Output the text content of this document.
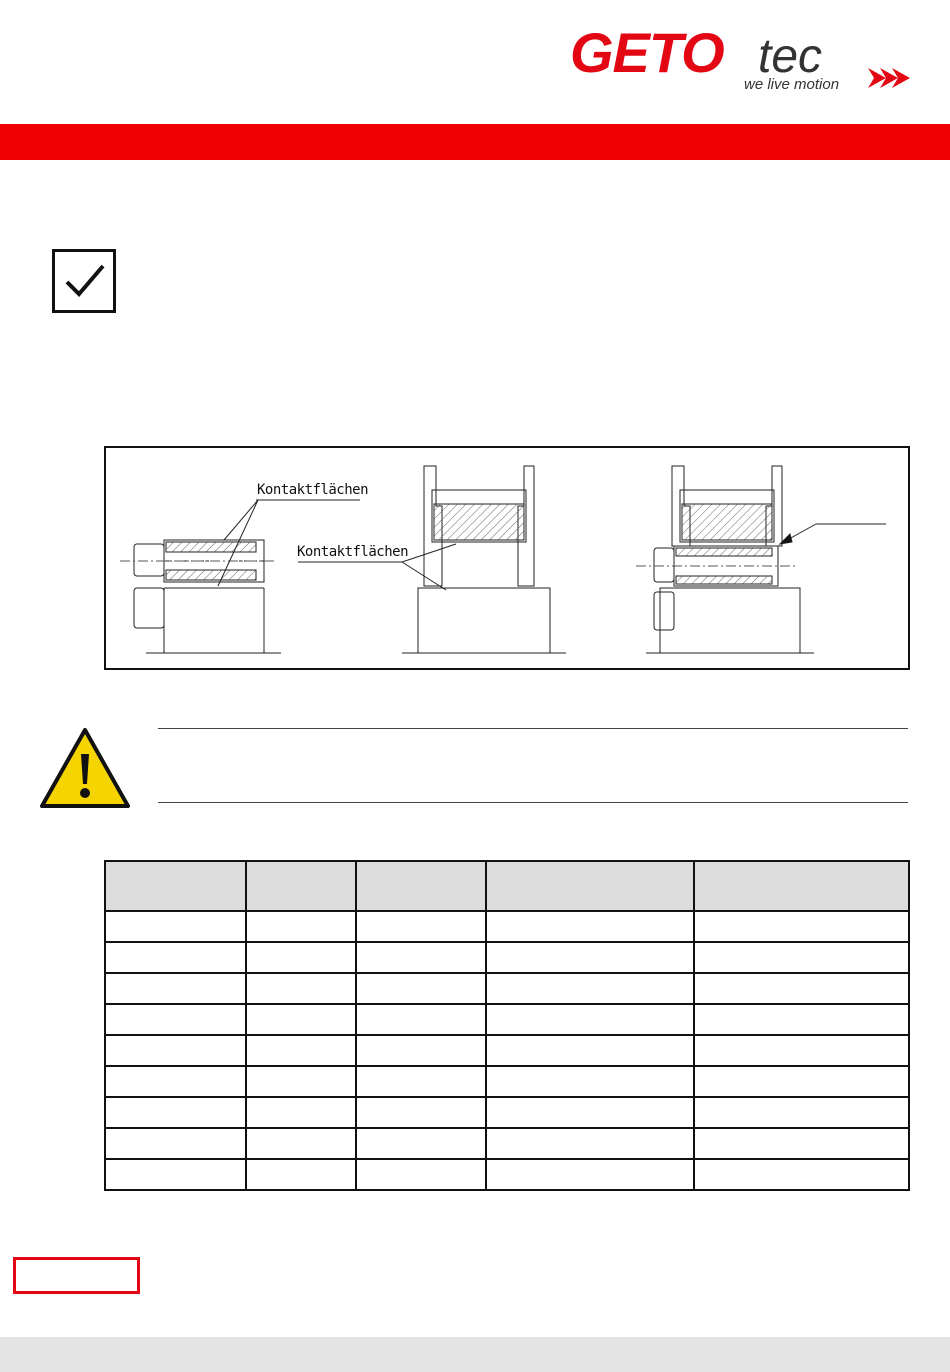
GETO tec
we live motion
Kontaktflächen
Kontaktflächen
